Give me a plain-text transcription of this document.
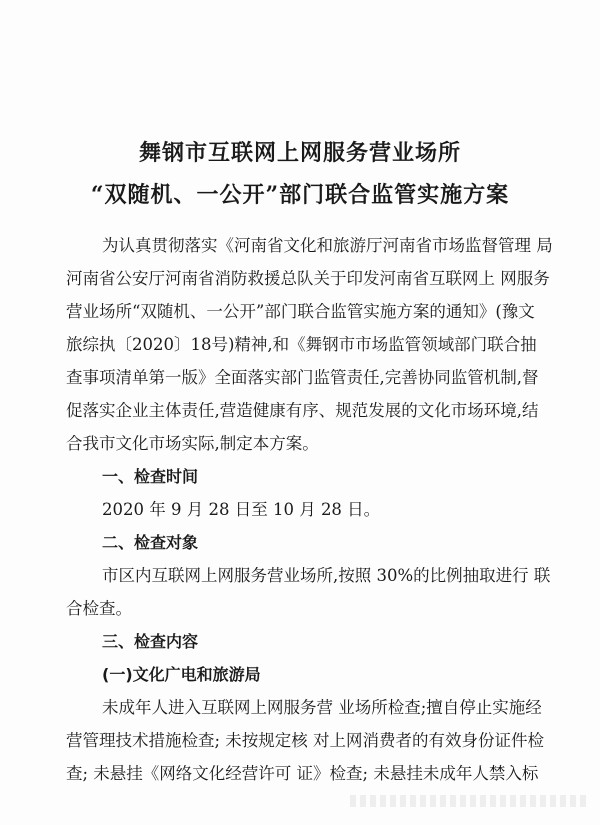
舞钢市互联网上网服务营业场所
“双随机、一公开”部门联合监管实施方案
为认真贯彻落实《河南省文化和旅游厅河南省市场监督管理 局
河南省公安厅河南省消防救援总队关于印发河南省互联网上 网服务
营业场所“双随机、一公开”部门联合监管实施方案的通知》(豫文
旅综执〔2020〕18号)精神,和《舞钢市市场监管领域部门联合抽
查事项清单第一版》全面落实部门监管责任,完善协同监管机制,督
促落实企业主体责任,营造健康有序、规范发展的文化市场环境,结
合我市文化市场实际,制定本方案。
一、检查时间
2020 年 9 月 28 日至 10 月 28 日。
二、检查对象
市区内互联网上网服务营业场所,按照 30%的比例抽取进行 联
合检查。
三、检查内容
(一)文化广电和旅游局
未成年人进入互联网上网服务营 业场所检查;擅自停止实施经
营管理技术措施检查; 未按规定核 对上网消费者的有效身份证件检
查; 未悬挂《网络文化经营许可 证》检查; 未悬挂未成年人禁入标
